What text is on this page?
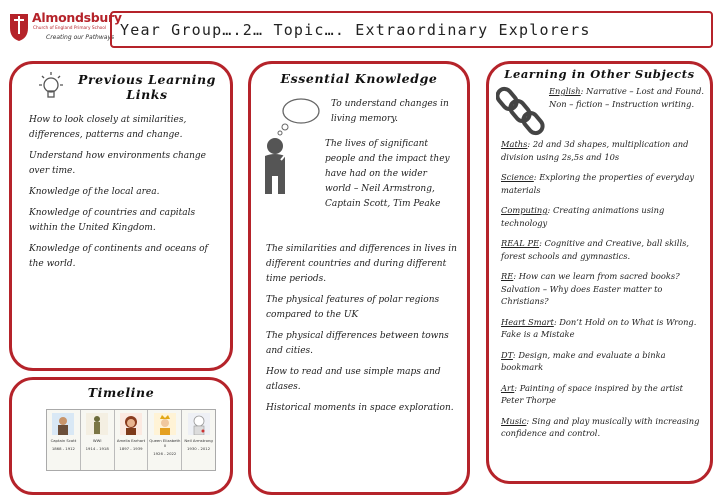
Almondsbury
Church of England Primary School
Creating our Pathways Year Group….2… Topic…. Extraordinary Explorers
Previous Learning Links
How to look closely at similarities, differences, patterns and change.
Understand how environments change over time.
Knowledge of the local area.
Knowledge of countries and capitals within the United Kingdom.
Knowledge of continents and oceans of the world.
Timeline
Captain Scott
1868 - 1912
WWI
1914 - 1918
Amelia Earhart
1897 - 1939
Queen Elizabeth II
1926 - 2022
Neil Armstrong
1930 - 2012
Essential Knowledge
To understand changes in living memory.
The lives of significant people and the impact they have had on the wider world – Neil Armstrong, Captain Scott, Tim Peake
The similarities and differences in lives in different countries and during different time periods.
The physical features of polar regions compared to the UK
The physical differences between towns and cities.
How to read and use simple maps and atlases.
Historical moments in space exploration.
Learning in Other Subjects
English: Narrative – Lost and Found.
Non – fiction – Instruction writing.
Maths: 2d and 3d shapes, multiplication and division using 2s,5s and 10s
Science: Exploring the properties of everyday materials
Computing: Creating animations using technology
REAL PE: Cognitive and Creative, ball skills, forest schools and gymnastics.
RE: How can we learn from sacred books? Salvation – Why does Easter matter to Christians?
Heart Smart: Don’t Hold on to What is Wrong. Fake is a Mistake
DT: Design, make and evaluate a binka bookmark
Art: Painting of space inspired by the artist Peter Thorpe
Music: Sing and play musically with increasing confidence and control.
